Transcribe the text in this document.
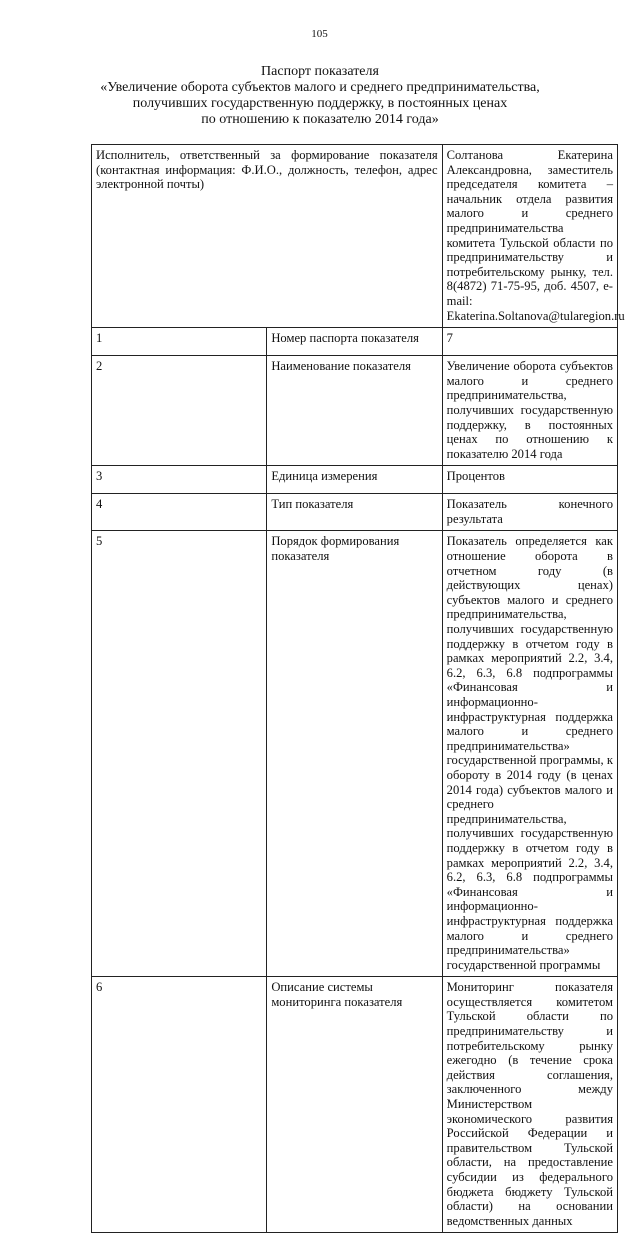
105
Паспорт показателя
«Увеличение оборота субъектов малого и среднего предпринимательства,
получивших государственную поддержку, в постоянных ценах
по отношению к показателю 2014 года»
Исполнитель, ответственный за формирование показателя (контактная информация: Ф.И.О., должность, телефон, адрес электронной почты)		Солтанова Екатерина Александровна, заместитель председателя комитета – начальник отдела развития малого и среднего предпринимательства комитета Тульской области по предпринимательству и потребительскому рынку, тел. 8(4872) 71-75-95, доб. 4507, e-mail: Ekaterina.Soltanova@tularegion.ru
1	Номер паспорта показателя	7
2	Наименование показателя	Увеличение оборота субъектов малого и среднего предпринимательства, получивших государственную поддержку, в постоянных ценах по отношению к показателю 2014 года
3	Единица измерения	Процентов
4	Тип показателя	Показатель конечного результата
5	Порядок формирования показателя	Показатель определяется как отношение оборота в отчетном году (в действующих ценах) субъектов малого и среднего предпринимательства, получивших государственную поддержку в отчетом году в рамках мероприятий 2.2, 3.4, 6.2, 6.3, 6.8 подпрограммы «Финансовая и информационно-инфраструктурная поддержка малого и среднего предпринимательства» государственной программы, к обороту в 2014 году (в ценах 2014 года) субъектов малого и среднего предпринимательства, получивших государственную поддержку в отчетом году в рамках мероприятий 2.2, 3.4, 6.2, 6.3, 6.8 подпрограммы «Финансовая и информационно-инфраструктурная поддержка малого и среднего предпринимательства» государственной программы
6	Описание системы мониторинга показателя	Мониторинг показателя осуществляется комитетом Тульской области по предпринимательству и потребительскому рынку ежегодно (в течение срока действия соглашения, заключенного между Министерством экономического развития Российской Федерации и правительством Тульской области, на предоставление субсидии из федерального бюджета бюджету Тульской области) на основании ведомственных данных
